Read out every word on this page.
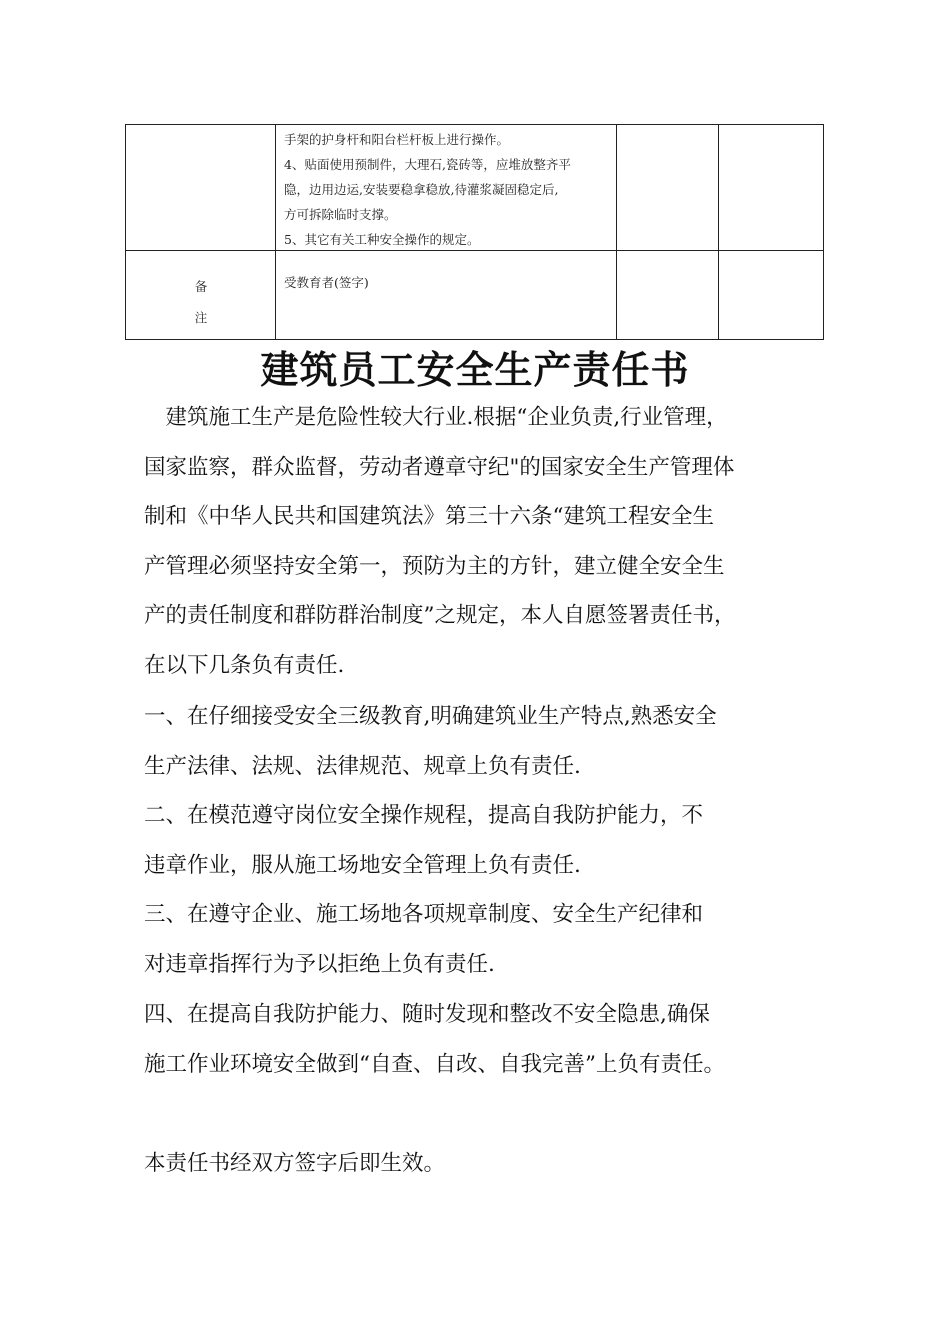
手架的护身杆和阳台栏杆板上进行操作。
4、贴面使用预制件，大理石,瓷砖等，应堆放整齐平
隐，边用边运,安装要稳拿稳放,待灌浆凝固稳定后,
方可拆除临时支撑。
5、其它有关工种安全操作的规定。
备
注
受教育者(签字)
建筑员工安全生产责任书
　建筑施工生产是危险性较大行业.根据“企业负责,行业管理，
国家监察，群众监督，劳动者遵章守纪"的国家安全生产管理体
制和《中华人民共和国建筑法》第三十六条“建筑工程安全生
产管理必须坚持安全第一，预防为主的方针，建立健全安全生
产的责任制度和群防群治制度”之规定，本人自愿签署责任书，
在以下几条负有责任.
一、在仔细接受安全三级教育,明确建筑业生产特点,熟悉安全
生产法律、法规、法律规范、规章上负有责任.
二、在模范遵守岗位安全操作规程，提高自我防护能力，不
违章作业，服从施工场地安全管理上负有责任.
三、在遵守企业、施工场地各项规章制度、安全生产纪律和
对违章指挥行为予以拒绝上负有责任.
四、在提高自我防护能力、随时发现和整改不安全隐患,确保
施工作业环境安全做到“自查、自改、自我完善”上负有责任。
本责任书经双方签字后即生效。
